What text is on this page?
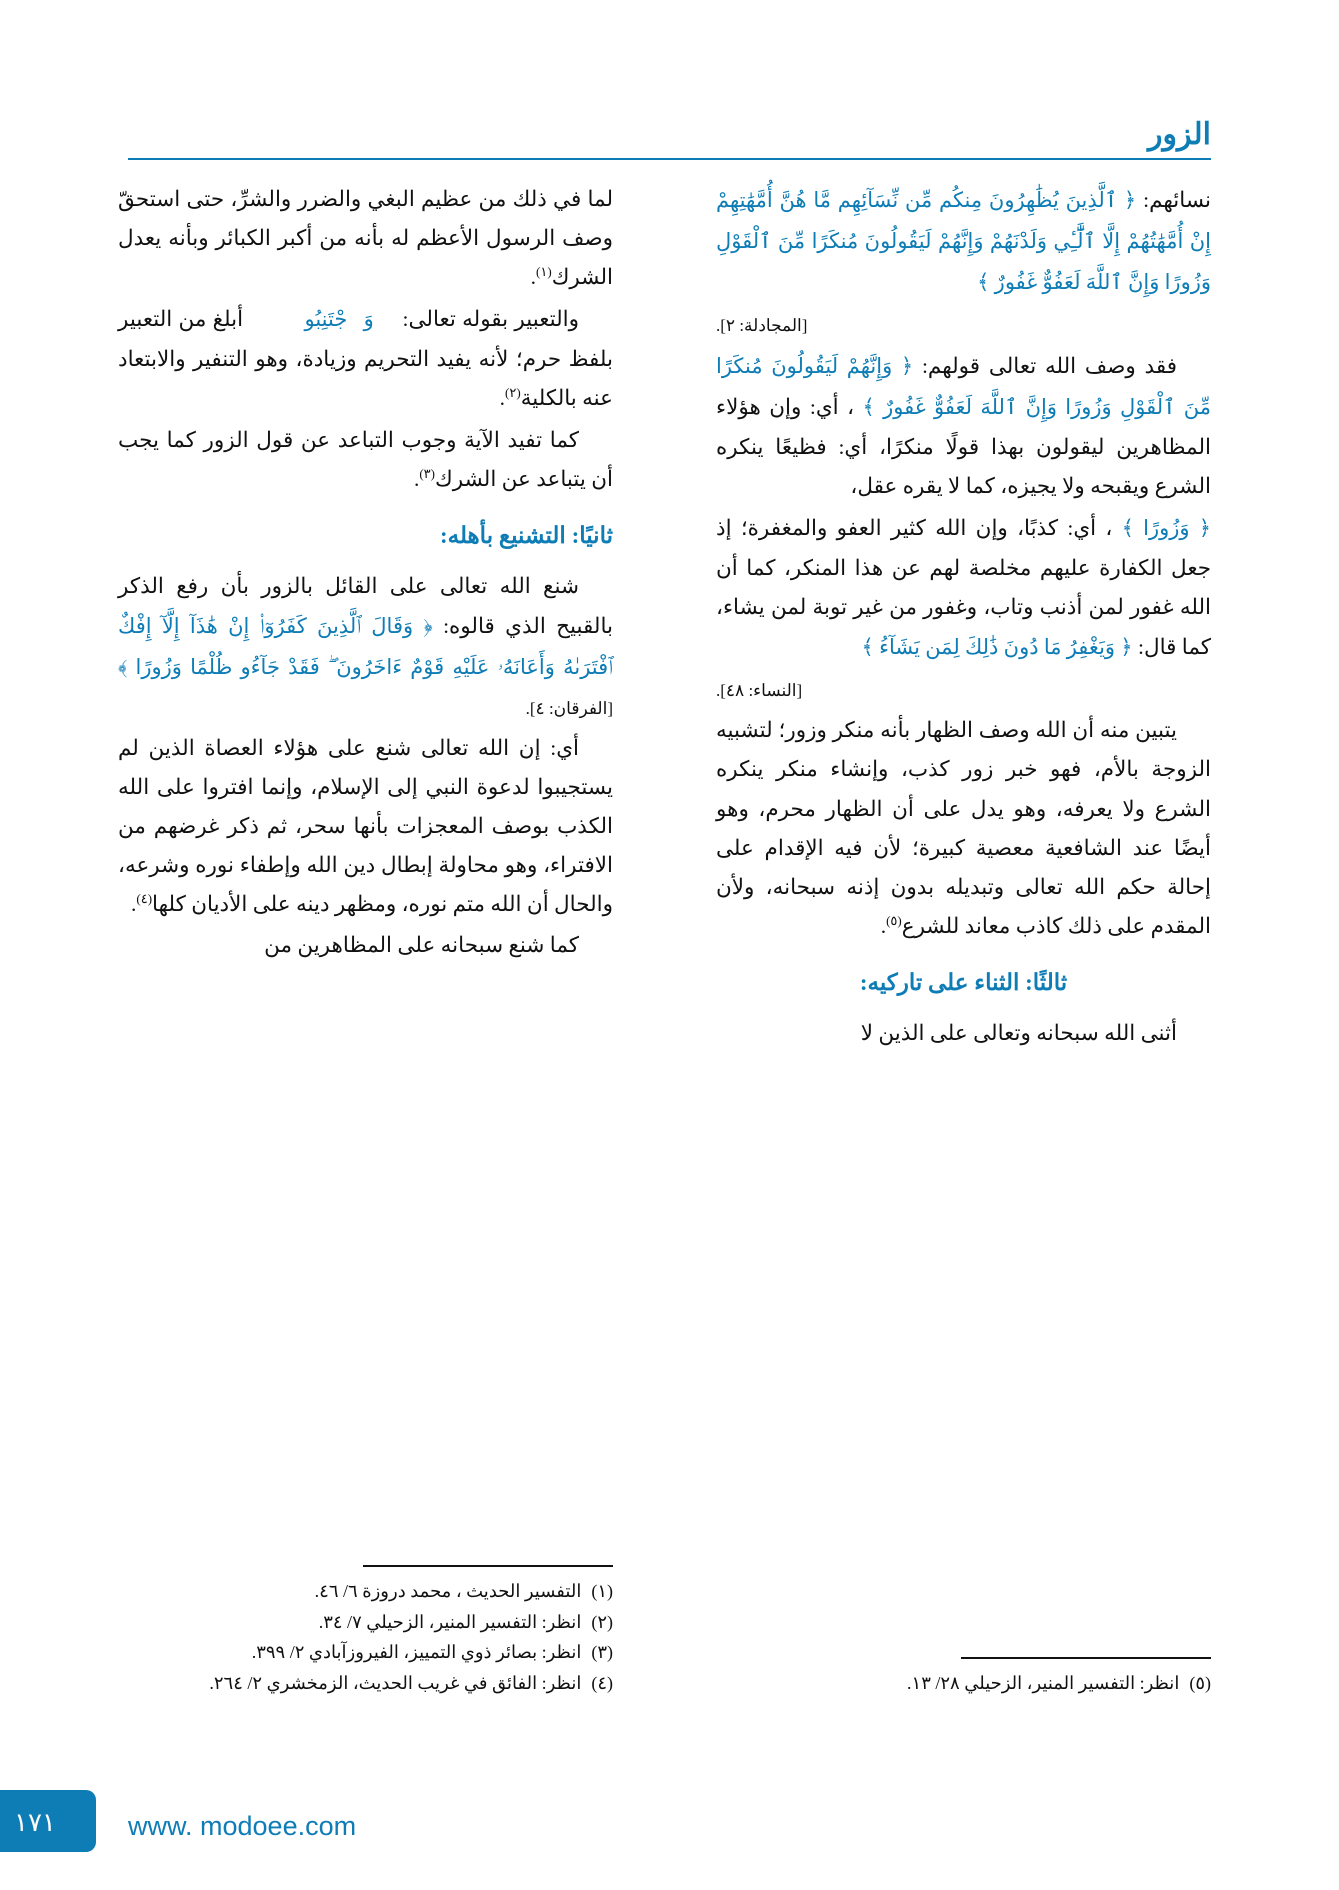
الزور

نسائهم: ﴿ ٱلَّذِينَ يُظَٰهِرُونَ مِنكُم مِّن نِّسَآئِهِم مَّا هُنَّ أُمَّهَٰتِهِمْ إِنْ أُمَّهَٰتُهُمْ إِلَّا ٱلَّٰٓـِٔي وَلَدْنَهُمْ وَإِنَّهُمْ لَيَقُولُونَ مُنكَرًا مِّنَ ٱلْقَوْلِ وَزُورًا وَإِنَّ ٱللَّهَ لَعَفُوٌّ غَفُورٌ ﴾

[المجادلة: ٢].

فقد وصف الله تعالى قولهم: ﴿ وَإِنَّهُمْ لَيَقُولُونَ مُنكَرًا مِّنَ ٱلْقَوْلِ وَزُورًا وَإِنَّ ٱللَّهَ لَعَفُوٌّ غَفُورٌ ﴾ ، أي: وإن هؤلاء المظاهرين ليقولون بهذا قولًا منكرًا، أي: فظيعًا ينكره الشرع ويقبحه ولا يجيزه، كما لا يقره عقل،

﴿ وَزُورًا ﴾ ، أي: كذبًا، وإن الله كثير العفو والمغفرة؛ إذ جعل الكفارة عليهم مخلصة لهم عن هذا المنكر، كما أن الله غفور لمن أذنب وتاب، وغفور من غير توبة لمن يشاء، كما قال: ﴿ وَيَغْفِرُ مَا دُونَ ذَٰلِكَ لِمَن يَشَآءُ ﴾

[النساء: ٤٨].

يتبين منه أن الله وصف الظهار بأنه منكر وزور؛ لتشبيه الزوجة بالأم، فهو خبر زور كذب، وإنشاء منكر ينكره الشرع ولا يعرفه، وهو يدل على أن الظهار محرم، وهو أيضًا عند الشافعية معصية كبيرة؛ لأن فيه الإقدام على إحالة حكم الله تعالى وتبديله بدون إذنه سبحانه، ولأن المقدم على ذلك كاذب معاند للشرع$^{(٥)}$.

ثالثًا: الثناء على تاركيه:

أثنى الله سبحانه وتعالى على الذين لا

(٥)
انظر: التفسير المنير، الزحيلي ٢٨/ ١٣.

لما في ذلك من عظيم البغي والضرر والشرِّ، حتى استحقّ وصف الرسول الأعظم له بأنه من أكبر الكبائر وبأنه يعدل الشرك$^{(١)}$.

والتعبير بقوله تعالى: ﴿ وَٱجْتَنِبُوا۟ ﴾ أبلغ من التعبير بلفظ حرم؛ لأنه يفيد التحريم وزيادة، وهو التنفير والابتعاد عنه بالكلية$^{(٢)}$.

كما تفيد الآية وجوب التباعد عن قول الزور كما يجب أن يتباعد عن الشرك$^{(٣)}$.

ثانيًا: التشنيع بأهله:

شنع الله تعالى على القائل بالزور بأن رفع الذكر بالقبيح الذي قالوه: ﴿ وَقَالَ ٱلَّذِينَ كَفَرُوٓا۟ إِنْ هَٰذَآ إِلَّآ إِفْكٌ ٱفْتَرَىٰهُ وَأَعَانَهُۥ عَلَيْهِ قَوْمٌ ءَاخَرُونَ ۖ فَقَدْ جَآءُو ظُلْمًا وَزُورًا ﴾ [الفرقان: ٤].

أي: إن الله تعالى شنع على هؤلاء العصاة الذين لم يستجيبوا لدعوة النبي إلى الإسلام، وإنما افتروا على الله الكذب بوصف المعجزات بأنها سحر، ثم ذكر غرضهم من الافتراء، وهو محاولة إبطال دين الله وإطفاء نوره وشرعه، والحال أن الله متم نوره، ومظهر دينه على الأديان كلها$^{(٤)}$.

كما شنع سبحانه على المظاهرين من

(١)
التفسير الحديث ، محمد دروزة ٦/ ٤٦.
(٢)
انظر: التفسير المنير، الزحيلي ٧/ ٣٤.
(٣)
انظر: بصائر ذوي التمييز، الفيروزآبادي ٢/ ٣٩٩.
(٤)
انظر: الفائق في غريب الحديث، الزمخشري ٢/ ٢٦٤.
١٧١	www. modoee.com
